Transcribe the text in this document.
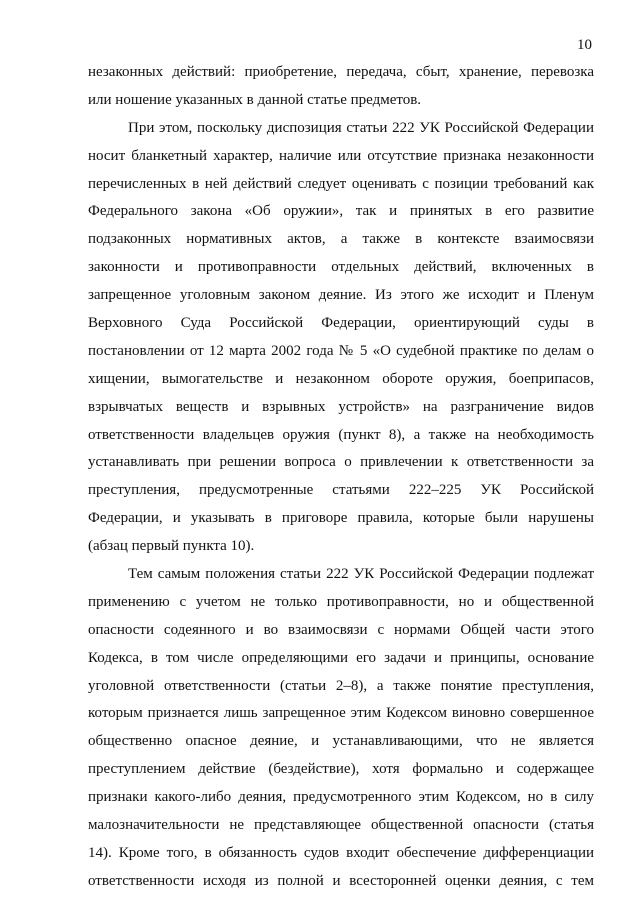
10
незаконных действий: приобретение, передача, сбыт, хранение, перевозка
или ношение указанных в данной статье предметов.
При этом, поскольку диспозиция статьи 222 УК Российской Федерации
носит бланкетный характер, наличие или отсутствие признака незаконности
перечисленных в ней действий следует оценивать с позиции требований как
Федерального закона «Об оружии», так и принятых в его развитие
подзаконных нормативных актов, а также в контексте взаимосвязи
законности и противоправности отдельных действий, включенных в
запрещенное уголовным законом деяние. Из этого же исходит и Пленум
Верховного Суда Российской Федерации, ориентирующий суды в
постановлении от 12 марта 2002 года № 5 «О судебной практике по делам о
хищении, вымогательстве и незаконном обороте оружия, боеприпасов,
взрывчатых веществ и взрывных устройств» на разграничение видов
ответственности владельцев оружия (пункт 8), а также на необходимость
устанавливать при решении вопроса о привлечении к ответственности за
преступления, предусмотренные статьями 222–225 УК Российской
Федерации, и указывать в приговоре правила, которые были нарушены
(абзац первый пункта 10).
Тем самым положения статьи 222 УК Российской Федерации подлежат
применению с учетом не только противоправности, но и общественной
опасности содеянного и во взаимосвязи с нормами Общей части этого
Кодекса, в том числе определяющими его задачи и принципы, основание
уголовной ответственности (статьи 2–8), а также понятие преступления,
которым признается лишь запрещенное этим Кодексом виновно совершенное
общественно опасное деяние, и устанавливающими, что не является
преступлением действие (бездействие), хотя формально и содержащее
признаки какого-либо деяния, предусмотренного этим Кодексом, но в силу
малозначительности не представляющее общественной опасности (статья
14). Кроме того, в обязанность судов входит обеспечение дифференциации
ответственности исходя из полной и всесторонней оценки деяния, с тем
